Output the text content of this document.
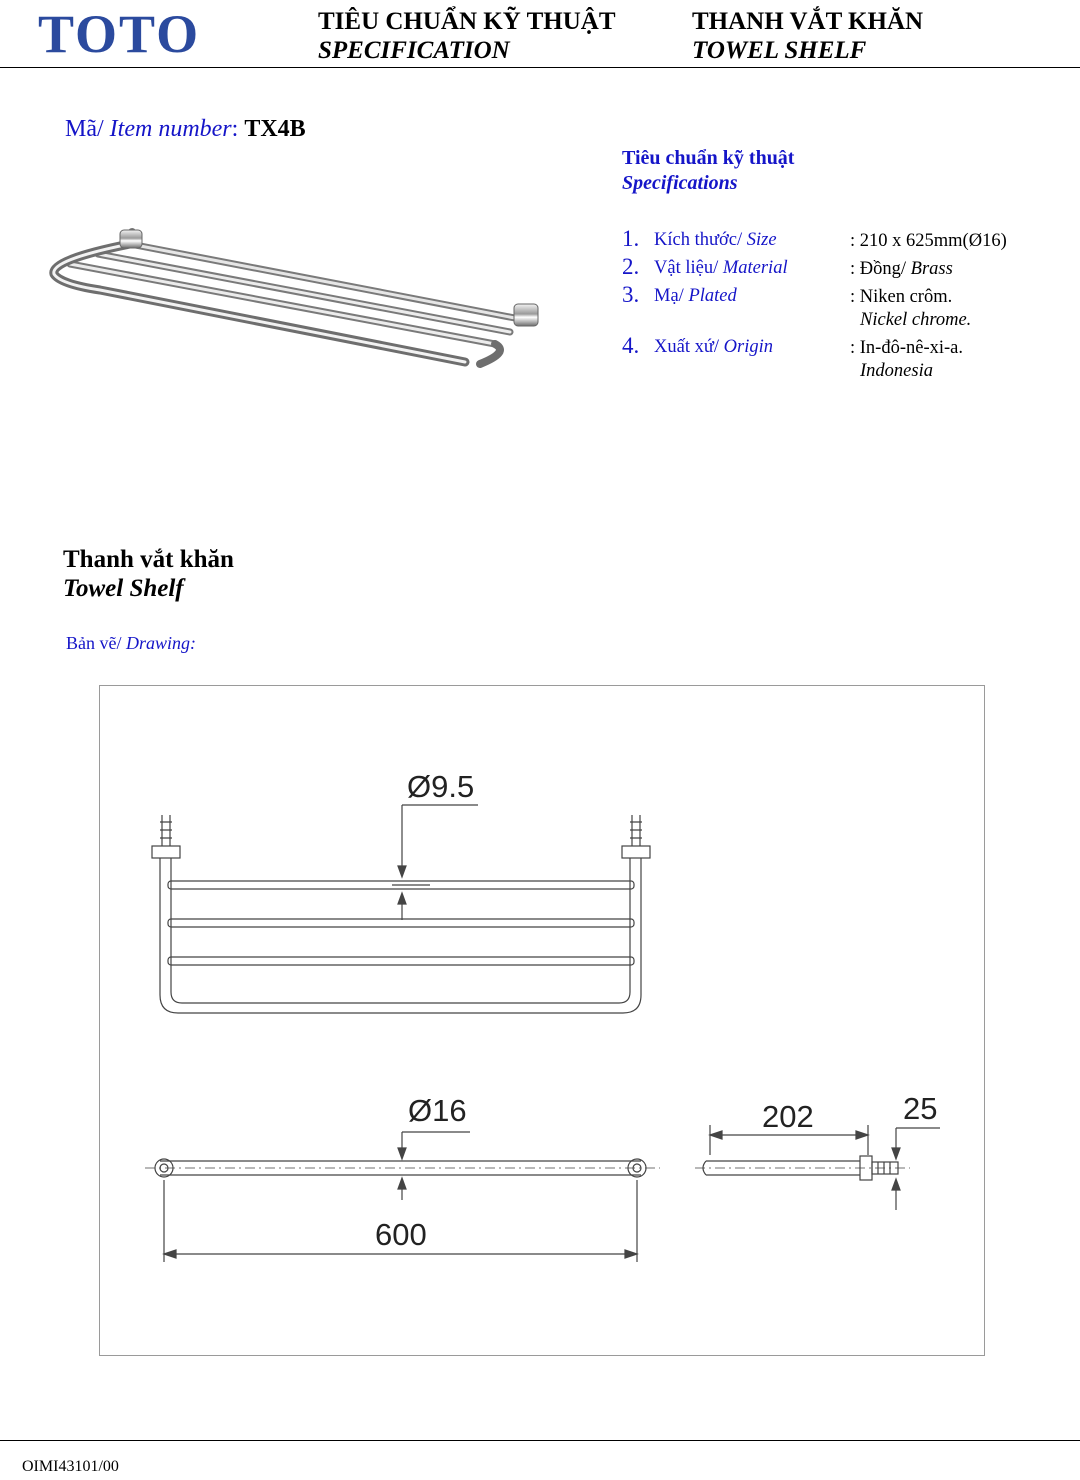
TOTO	TIÊU CHUẨN KỸ THUẬT
SPECIFICATION
THANH VẮT KHĂN
TOWEL SHELF
Mã/ Item number: TX4B
Tiêu chuẩn kỹ thuật
Specifications
1. Kích thước/ Size	: 210 x 625mm(Ø16)
2. Vật liệu/ Material	: Đồng/ Brass
3. Mạ/ Plated	: Niken crôm.
Nickel chrome.
4. Xuất xứ/ Origin	: In-đô-nê-xi-a.
Indonesia
Thanh vắt khăn
Towel Shelf
Bản vẽ/ Drawing:
Ø9.5
Ø16
600
202	25
OIMI43101/00
